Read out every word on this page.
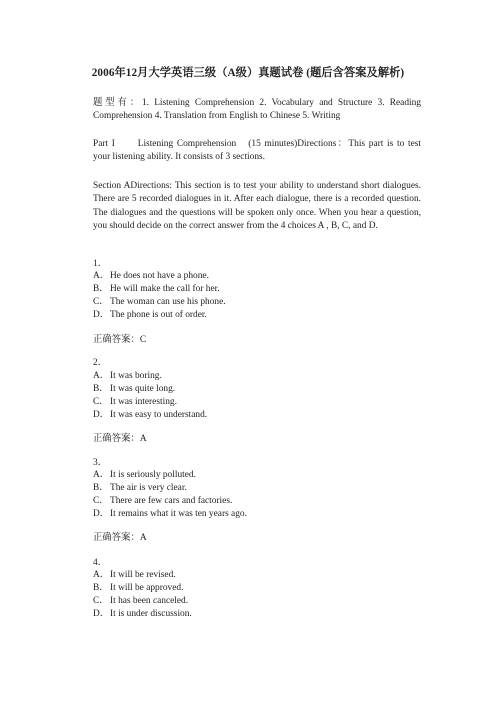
2006年12月大学英语三级（A级）真题试卷 (题后含答案及解析)
题型有：1. Listening Comprehension 2. Vocabulary and Structure 3. Reading Comprehension 4. Translation from English to Chinese 5. Writing
Part I　　Listening Comprehension　(15 minutes)Directions：This part is to test your listening ability. It consists of 3 sections.
Section ADirections: This section is to test your ability to understand short dialogues. There are 5 recorded dialogues in it. After each dialogue, there is a recorded question. The dialogues and the questions will be spoken only once. When you hear a question, you should decide on the correct answer from the 4 choices A , B, C, and D.
1．
A．He does not have a phone.
B．He will make the call for her.
C．The woman can use his phone.
D．The phone is out of order.
正确答案：C
2．
A．It was boring.
B．It was quite long.
C．It was interesting.
D．It was easy to understand.
正确答案：A
3．
A．It is seriously polluted.
B．The air is very clear.
C．There are few cars and factories.
D．It remains what it was ten years ago.
正确答案：A
4．
A．It will be revised.
B．It will be approved.
C．It has been canceled.
D．It is under discussion.
